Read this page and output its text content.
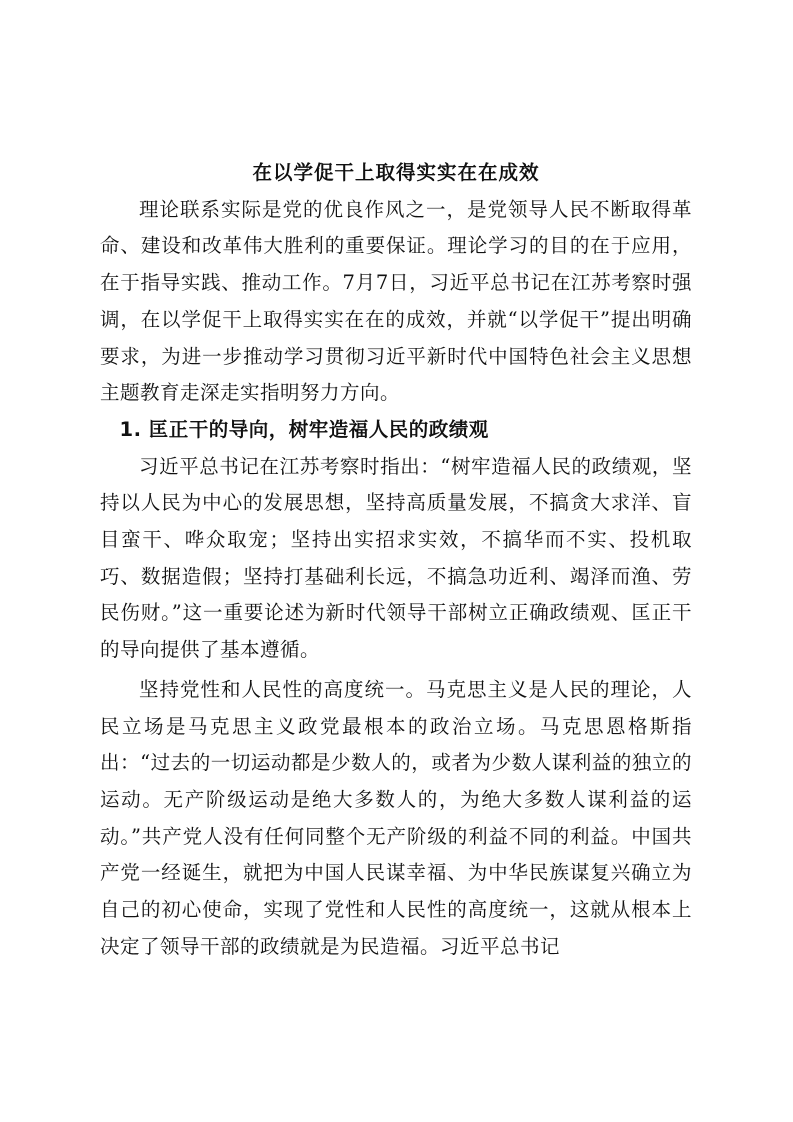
在以学促干上取得实实在在成效

理论联系实际是党的优良作风之一，是党领导人民不断取得革命、建设和改革伟大胜利的重要保证。理论学习的目的在于应用，在于指导实践、推动工作。7月7日，习近平总书记在江苏考察时强调，在以学促干上取得实实在在的成效，并就“以学促干”提出明确要求，为进一步推动学习贯彻习近平新时代中国特色社会主义思想主题教育走深走实指明努力方向。

1. 匡正干的导向，树牢造福人民的政绩观

习近平总书记在江苏考察时指出：“树牢造福人民的政绩观，坚持以人民为中心的发展思想，坚持高质量发展，不搞贪大求洋、盲目蛮干、哗众取宠；坚持出实招求实效，不搞华而不实、投机取巧、数据造假；坚持打基础利长远，不搞急功近利、竭泽而渔、劳民伤财。”这一重要论述为新时代领导干部树立正确政绩观、匡正干的导向提供了基本遵循。

坚持党性和人民性的高度统一。马克思主义是人民的理论，人民立场是马克思主义政党最根本的政治立场。马克思恩格斯指出：“过去的一切运动都是少数人的，或者为少数人谋利益的独立的运动。无产阶级运动是绝大多数人的，为绝大多数人谋利益的运动。”共产党人没有任何同整个无产阶级的利益不同的利益。中国共产党一经诞生，就把为中国人民谋幸福、为中华民族谋复兴确立为自己的初心使命，实现了党性和人民性的高度统一，这就从根本上决定了领导干部的政绩就是为民造福。习近平总书记
